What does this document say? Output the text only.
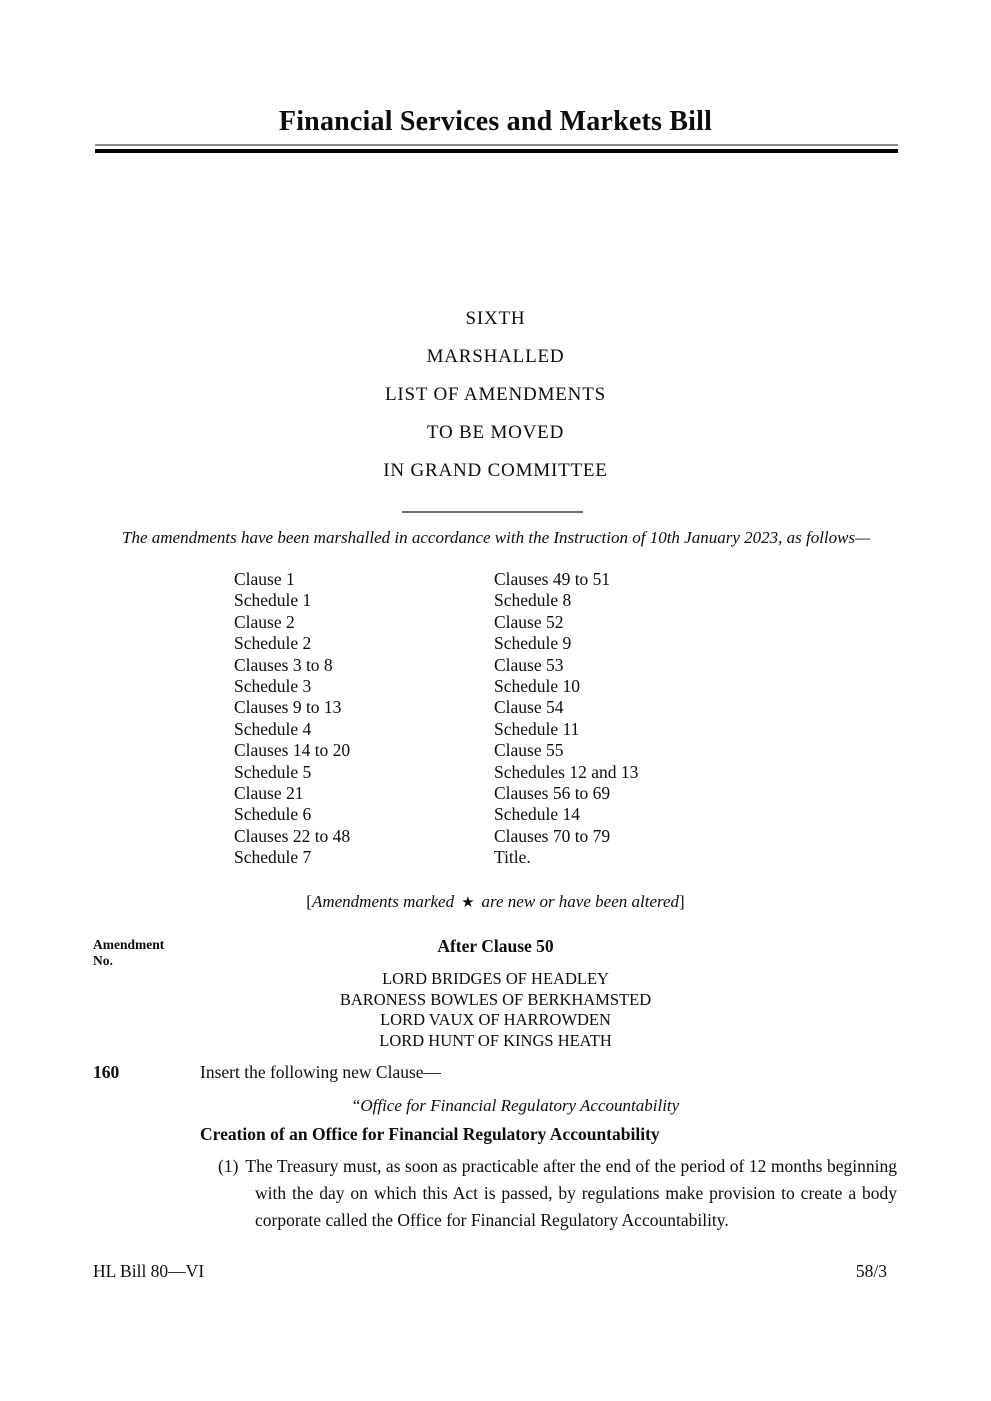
Financial Services and Markets Bill
SIXTH
MARSHALLED
LIST OF AMENDMENTS
TO BE MOVED
IN GRAND COMMITTEE

The amendments have been marshalled in accordance with the Instruction of 10th January 2023, as follows—

Clause 1
Schedule 1
Clause 2
Schedule 2
Clauses 3 to 8
Schedule 3
Clauses 9 to 13
Schedule 4
Clauses 14 to 20
Schedule 5
Clause 21
Schedule 6
Clauses 22 to 48
Schedule 7
Clauses 49 to 51
Schedule 8
Clause 52
Schedule 9
Clause 53
Schedule 10
Clause 54
Schedule 11
Clause 55
Schedules 12 and 13
Clauses 56 to 69
Schedule 14
Clauses 70 to 79
Title.

[Amendments marked ★ are new or have been altered]

Amendment
No.
After Clause 50
LORD BRIDGES OF HEADLEY
BARONESS BOWLES OF BERKHAMSTED
LORD VAUX OF HARROWDEN
LORD HUNT OF KINGS HEATH
160	Insert the following new Clause—
“Office for Financial Regulatory Accountability
Creation of an Office for Financial Regulatory Accountability

(1) The Treasury must, as soon as practicable after the end of the period of 12 months beginning with the day on which this Act is passed, by regulations make provision to create a body corporate called the Office for Financial Regulatory Accountability.

HL Bill 80—VI	58/3
